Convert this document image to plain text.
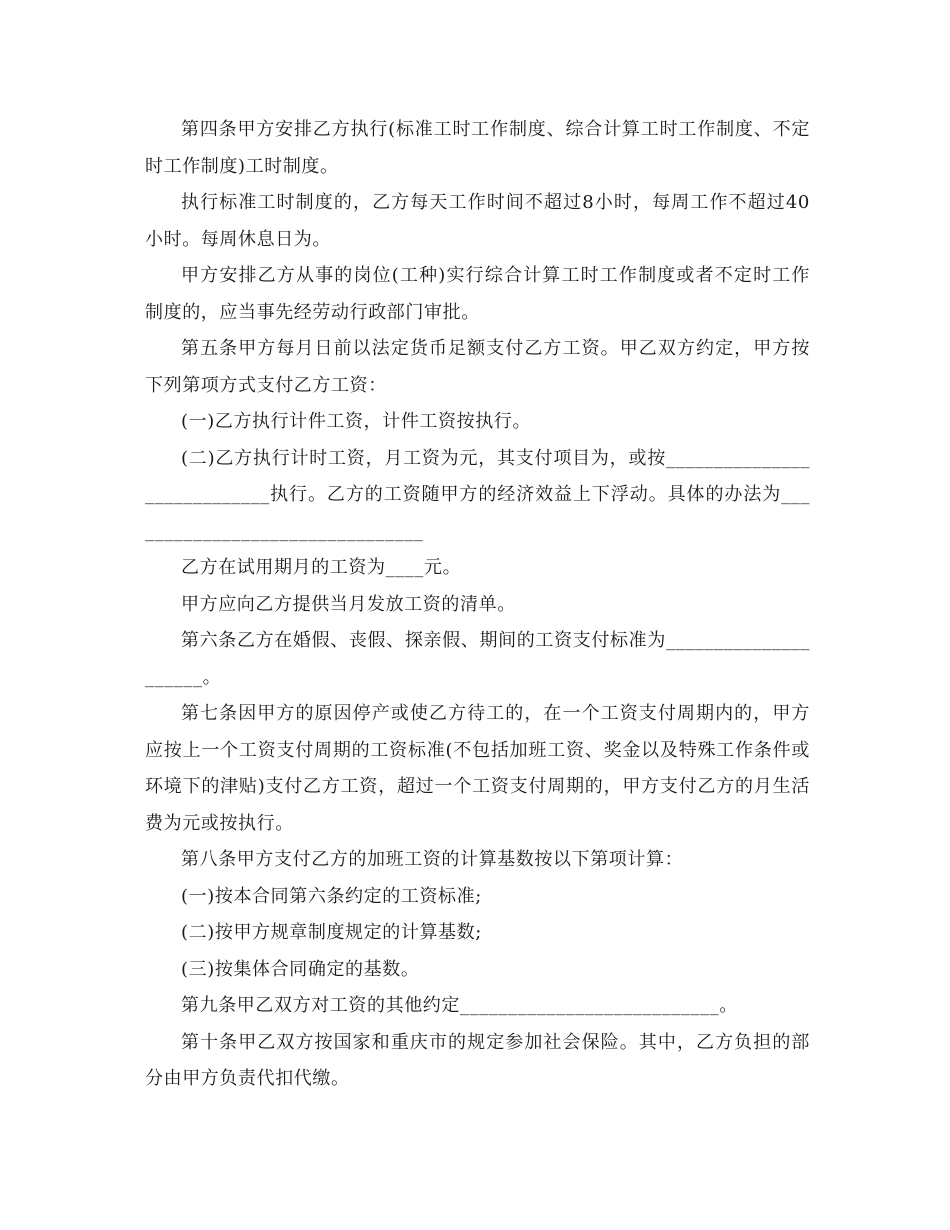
第四条甲方安排乙方执行(标准工时工作制度、综合计算工时工作制度、不定时工作制度)工时制度。

执行标准工时制度的，乙方每天工作时间不超过8小时，每周工作不超过40小时。每周休息日为。

甲方安排乙方从事的岗位(工种)实行综合计算工时工作制度或者不定时工作制度的，应当事先经劳动行政部门审批。

第五条甲方每月日前以法定货币足额支付乙方工资。甲乙双方约定，甲方按下列第项方式支付乙方工资：

(一)乙方执行计件工资，计件工资按执行。

(二)乙方执行计时工资，月工资为元，其支付项目为，或按____________________________执行。乙方的工资随甲方的经济效益上下浮动。具体的办法为________________________________

乙方在试用期月的工资为____元。

甲方应向乙方提供当月发放工资的清单。

第六条乙方在婚假、丧假、探亲假、期间的工资支付标准为_____________________。

第七条因甲方的原因停产或使乙方待工的，在一个工资支付周期内的，甲方应按上一个工资支付周期的工资标准(不包括加班工资、奖金以及特殊工作条件或环境下的津贴)支付乙方工资，超过一个工资支付周期的，甲方支付乙方的月生活费为元或按执行。

第八条甲方支付乙方的加班工资的计算基数按以下第项计算：

(一)按本合同第六条约定的工资标准;

(二)按甲方规章制度规定的计算基数;

(三)按集体合同确定的基数。

第九条甲乙双方对工资的其他约定___________________________。

第十条甲乙双方按国家和重庆市的规定参加社会保险。其中，乙方负担的部分由甲方负责代扣代缴。
